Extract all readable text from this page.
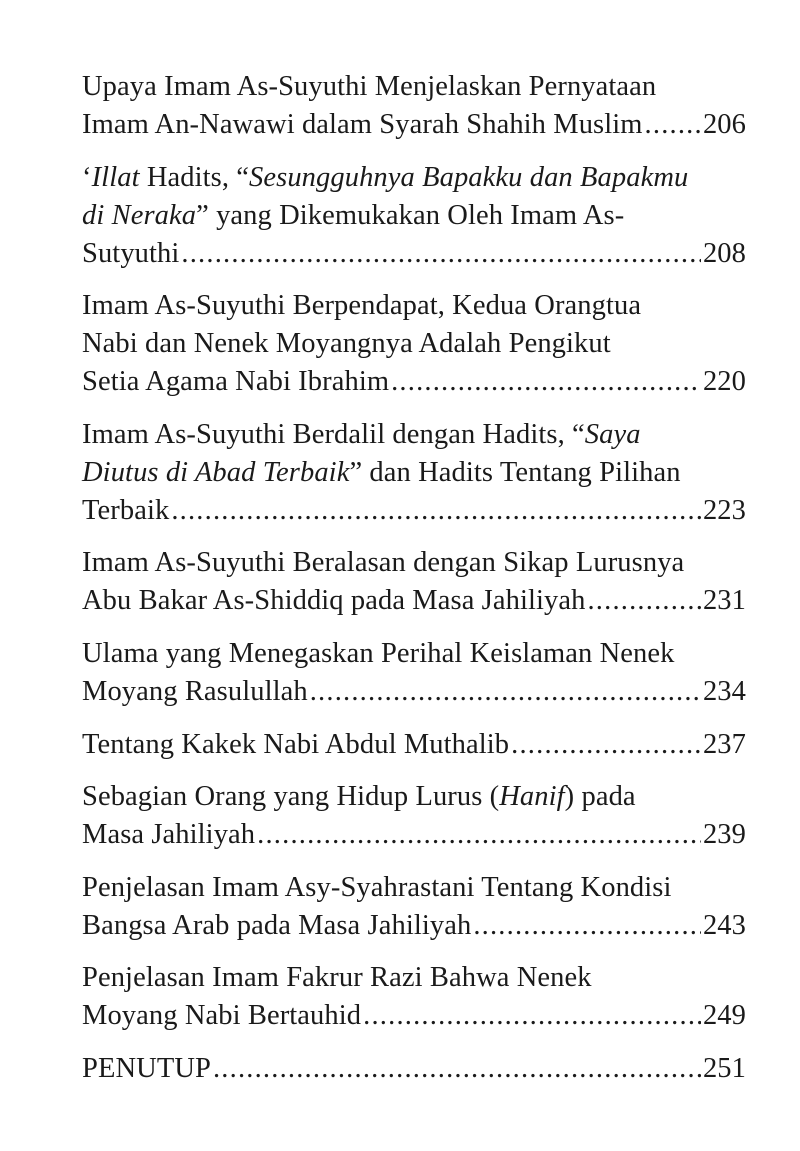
Upaya Imam As-Suyuthi Menjelaskan Pernyataan
Imam An-Nawawi dalam Syarah Shahih Muslim ..... 206
‘Illat Hadits, “Sesungguhnya Bapakku dan Bapakmu
di Neraka” yang Dikemukakan Oleh Imam As-
Sutyuthi .....	208
Imam As-Suyuthi Berpendapat, Kedua Orangtua
Nabi dan Nenek Moyangnya Adalah Pengikut
Setia Agama Nabi Ibrahim .....	220
Imam As-Suyuthi Berdalil dengan Hadits, “Saya
Diutus di Abad Terbaik” dan Hadits Tentang Pilihan
Terbaik .....	223
Imam As-Suyuthi Beralasan dengan Sikap Lurusnya
Abu Bakar As-Shiddiq pada Masa Jahiliyah .....	231
Ulama yang Menegaskan Perihal Keislaman Nenek
Moyang Rasulullah .....	234
Tentang Kakek Nabi Abdul Muthalib .....	237
Sebagian Orang yang Hidup Lurus (Hanif) pada
Masa Jahiliyah .....	239
Penjelasan Imam Asy-Syahrastani Tentang Kondisi
Bangsa Arab pada Masa Jahiliyah .....	243
Penjelasan Imam Fakrur Razi Bahwa Nenek
Moyang Nabi Bertauhid .....	249
PENUTUP .....	251
